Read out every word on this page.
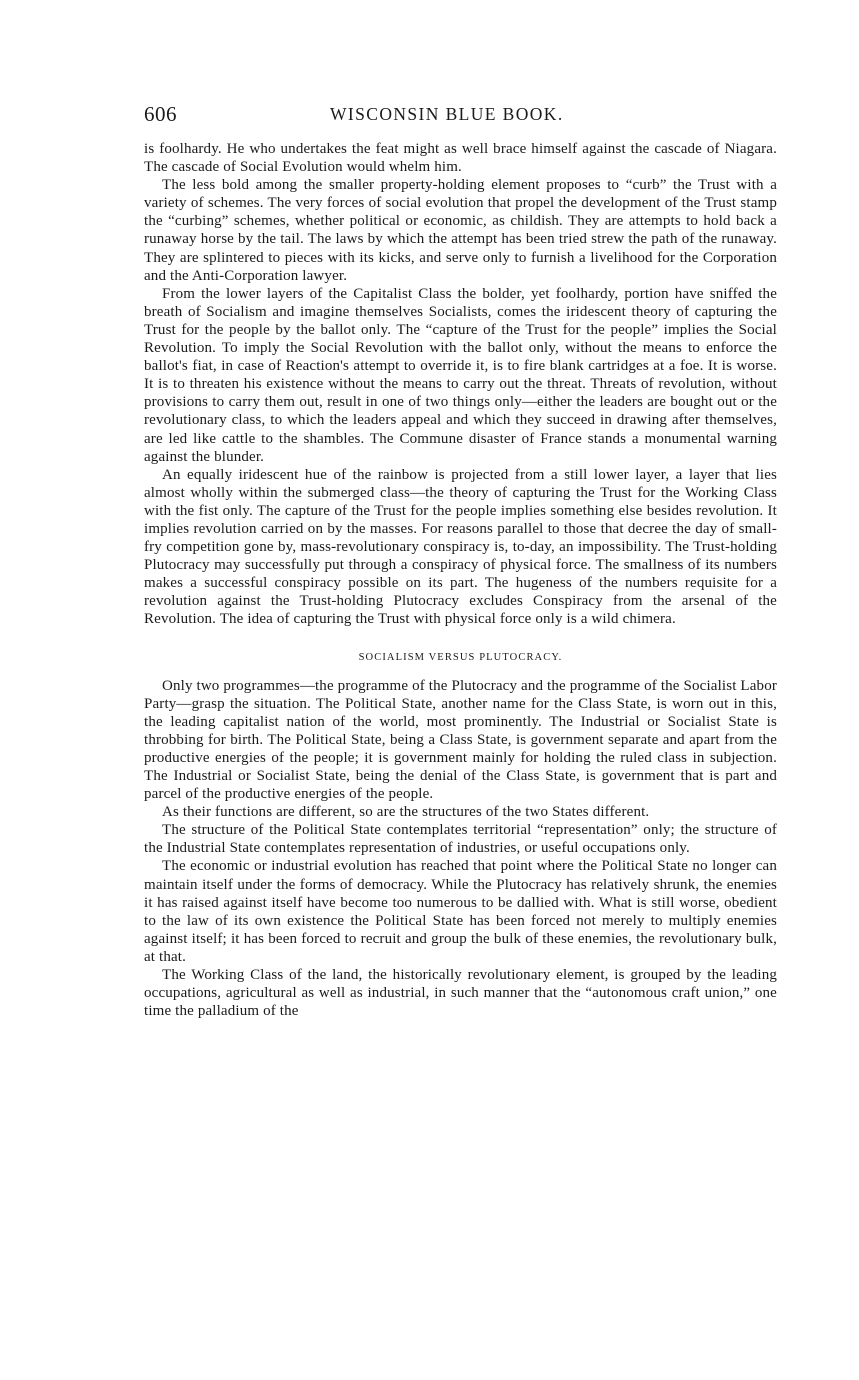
606	WISCONSIN BLUE BOOK.

is foolhardy. He who undertakes the feat might as well brace himself against the cascade of Niagara. The cascade of Social Evolution would whelm him.

The less bold among the smaller property-holding element proposes to “curb” the Trust with a variety of schemes. The very forces of social evolution that propel the development of the Trust stamp the “curbing” schemes, whether political or economic, as childish. They are attempts to hold back a runaway horse by the tail. The laws by which the attempt has been tried strew the path of the runaway. They are splintered to pieces with its kicks, and serve only to furnish a livelihood for the Corporation and the Anti-Corporation lawyer.

From the lower layers of the Capitalist Class the bolder, yet foolhardy, portion have sniffed the breath of Socialism and imagine themselves Socialists, comes the iridescent theory of capturing the Trust for the people by the ballot only. The “capture of the Trust for the people” implies the Social Revolution. To imply the Social Revolution with the ballot only, without the means to enforce the ballot's fiat, in case of Reaction's attempt to override it, is to fire blank cartridges at a foe. It is worse. It is to threaten his existence without the means to carry out the threat. Threats of revolution, without provisions to carry them out, result in one of two things only—either the leaders are bought out or the revolutionary class, to which the leaders appeal and which they succeed in drawing after themselves, are led like cattle to the shambles. The Commune disaster of France stands a monumental warning against the blunder.

An equally iridescent hue of the rainbow is projected from a still lower layer, a layer that lies almost wholly within the submerged class—the theory of capturing the Trust for the Working Class with the fist only. The capture of the Trust for the people implies something else besides revolution. It implies revolution carried on by the masses. For reasons parallel to those that decree the day of small-fry competition gone by, mass-revolutionary conspiracy is, to-day, an impossibility. The Trust-holding Plutocracy may successfully put through a conspiracy of physical force. The smallness of its numbers makes a successful conspiracy possible on its part. The hugeness of the numbers requisite for a revolution against the Trust-holding Plutocracy excludes Conspiracy from the arsenal of the Revolution. The idea of capturing the Trust with physical force only is a wild chimera.

SOCIALISM VERSUS PLUTOCRACY.

Only two programmes—the programme of the Plutocracy and the programme of the Socialist Labor Party—grasp the situation. The Political State, another name for the Class State, is worn out in this, the leading capitalist nation of the world, most prominently. The Industrial or Socialist State is throbbing for birth. The Political State, being a Class State, is government separate and apart from the productive energies of the people; it is government mainly for holding the ruled class in subjection. The Industrial or Socialist State, being the denial of the Class State, is government that is part and parcel of the productive energies of the people.

As their functions are different, so are the structures of the two States different.

The structure of the Political State contemplates territorial “representation” only; the structure of the Industrial State contemplates representation of industries, or useful occupations only.

The economic or industrial evolution has reached that point where the Political State no longer can maintain itself under the forms of democracy. While the Plutocracy has relatively shrunk, the enemies it has raised against itself have become too numerous to be dallied with. What is still worse, obedient to the law of its own existence the Political State has been forced not merely to multiply enemies against itself; it has been forced to recruit and group the bulk of these enemies, the revolutionary bulk, at that.

The Working Class of the land, the historically revolutionary element, is grouped by the leading occupations, agricultural as well as industrial, in such manner that the “autonomous craft union,” one time the palladium of the
